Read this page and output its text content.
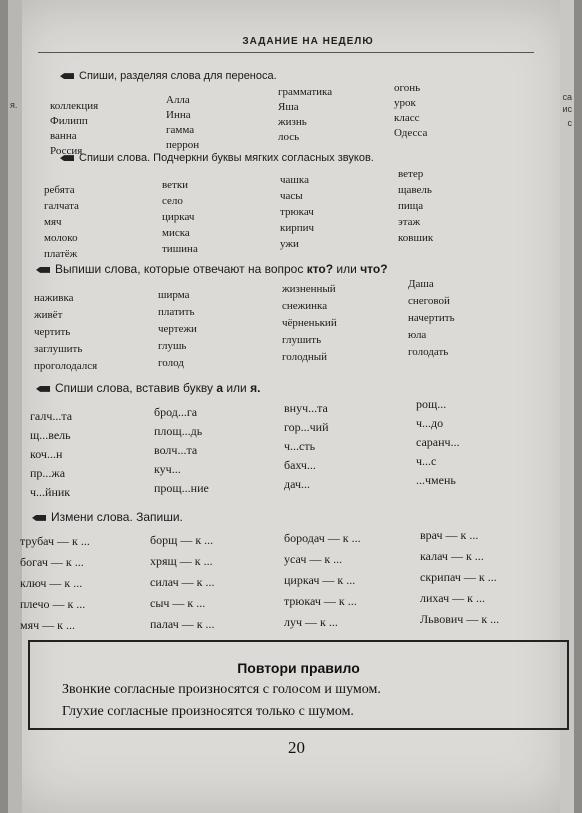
я.
са
ис
с
ЗАДАНИЕ НА НЕДЕЛЮ
Спиши, разделяя слова для переноса.
Спиши слова. Подчеркни буквы мягких согласных звуков.
Выпиши слова, которые отвечают на вопрос кто? или что?
Спиши слова, вставив букву а или я.
Измени слова. Запиши.
коллекция
Филипп
ванна
Россия
Алла
Инна
гамма
перрон
грамматика
Яша
жизнь
лось
огонь
урок
класс
Одесса
ребята
галчата
мяч
молоко
платёж
ветки
село
циркач
миска
тишина
чашка
часы
трюкач
кирпич
ужи
ветер
щавель
пища
этаж
ковшик
наживка
живёт
чертить
заглушить
проголодался
ширма
платить
чертежи
глушь
голод
жизненный
снежинка
чёрненький
глушить
голодный
Даша
снеговой
начертить
юла
голодать
галч...та
щ...вель
коч...н
пр...жа
ч...йник
брод...га
площ...дь
волч...та
куч...
прощ...ние
внуч...та
гор...чий
ч...сть
бахч...
дач...
рощ...
ч...до
саранч...
ч...с
...чмень
трубач — к ...
богач — к ...
ключ — к ...
плечо — к ...
мяч — к ...
борщ — к ...
хрящ — к ...
силач — к ...
сыч — к ...
палач — к ...
бородач — к ...
усач — к ...
циркач — к ...
трюкач — к ...
луч — к ...
врач — к ...
калач — к ...
скрипач — к ...
лихач — к ...
Львович — к ...
Повтори правило
Звонкие согласные произносятся с голосом и шумом.
Глухие согласные произносятся только с шумом.
20
